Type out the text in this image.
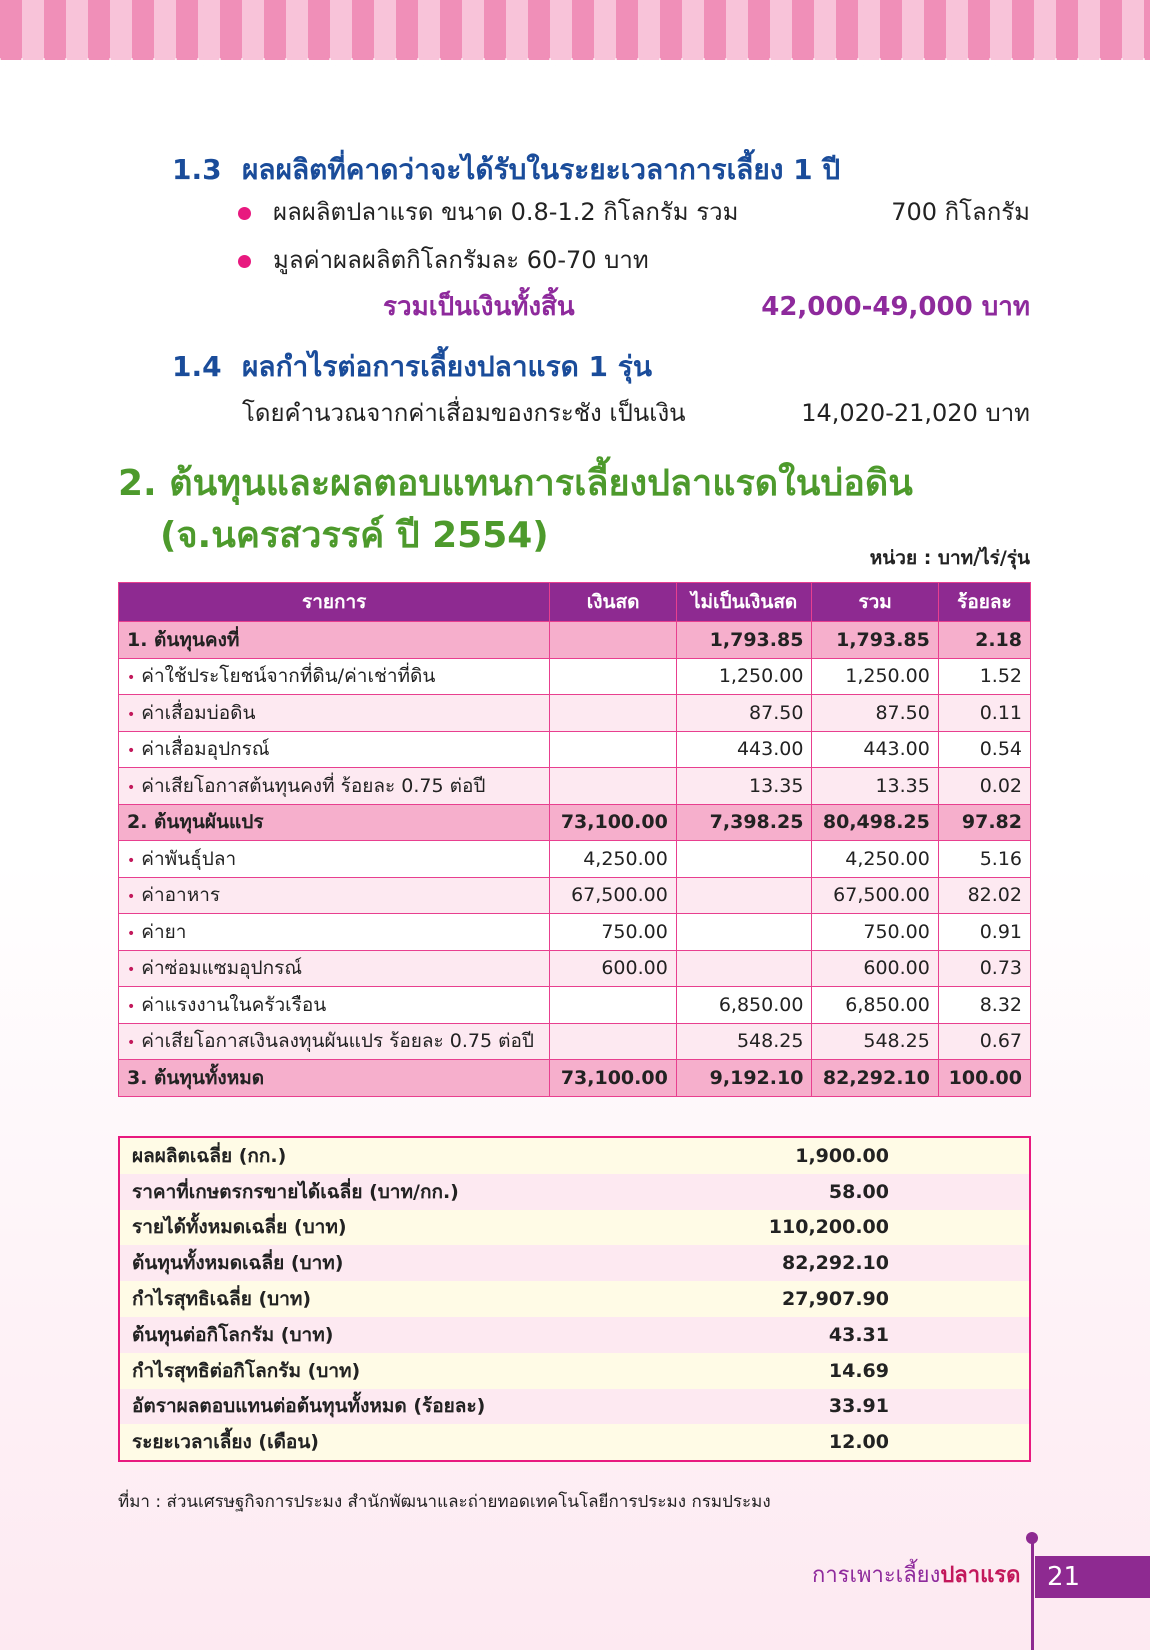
1.3 ผลผลิตที่คาดว่าจะได้รับในระยะเวลาการเลี้ยง 1 ปี
ผลผลิตปลาแรด ขนาด 0.8-1.2 กิโลกรัม รวม	700 กิโลกรัม
มูลค่าผลผลิตกิโลกรัมละ 60-70 บาท
รวมเป็นเงินทั้งสิ้น	42,000-49,000 บาท
1.4 ผลกำไรต่อการเลี้ยงปลาแรด 1 รุ่น
โดยคำนวณจากค่าเสื่อมของกระชัง เป็นเงิน	14,020-21,020 บาท
2. ต้นทุนและผลตอบแทนการเลี้ยงปลาแรดในบ่อดิน
(จ.นครสวรรค์ ปี 2554)
หน่วย : บาท/ไร่/รุ่น
รายการ	เงินสด	ไม่เป็นเงินสด	รวม	ร้อยละ
1. ต้นทุนคงที่		1,793.85	1,793.85	2.18
• ค่าใช้ประโยชน์จากที่ดิน/ค่าเช่าที่ดิน		1,250.00	1,250.00	1.52
• ค่าเสื่อมบ่อดิน		87.50	87.50	0.11
• ค่าเสื่อมอุปกรณ์		443.00	443.00	0.54
• ค่าเสียโอกาสต้นทุนคงที่ ร้อยละ 0.75 ต่อปี		13.35	13.35	0.02
2. ต้นทุนผันแปร	73,100.00	7,398.25	80,498.25	97.82
• ค่าพันธุ์ปลา	4,250.00		4,250.00	5.16
• ค่าอาหาร	67,500.00		67,500.00	82.02
• ค่ายา	750.00		750.00	0.91
• ค่าซ่อมแซมอุปกรณ์	600.00		600.00	0.73
• ค่าแรงงานในครัวเรือน		6,850.00	6,850.00	8.32
• ค่าเสียโอกาสเงินลงทุนผันแปร ร้อยละ 0.75 ต่อปี		548.25	548.25	0.67
3. ต้นทุนทั้งหมด	73,100.00	9,192.10	82,292.10	100.00
ผลผลิตเฉลี่ย (กก.)	1,900.00
ราคาที่เกษตรกรขายได้เฉลี่ย (บาท/กก.)	58.00
รายได้ทั้งหมดเฉลี่ย (บาท)	110,200.00
ต้นทุนทั้งหมดเฉลี่ย (บาท)	82,292.10
กำไรสุทธิเฉลี่ย (บาท)	27,907.90
ต้นทุนต่อกิโลกรัม (บาท)	43.31
กำไรสุทธิต่อกิโลกรัม (บาท)	14.69
อัตราผลตอบแทนต่อต้นทุนทั้งหมด (ร้อยละ)	33.91
ระยะเวลาเลี้ยง (เดือน)	12.00
ที่มา : ส่วนเศรษฐกิจการประมง สำนักพัฒนาและถ่ายทอดเทคโนโลยีการประมง กรมประมง
การเพาะเลี้ยงปลาแรด	21
